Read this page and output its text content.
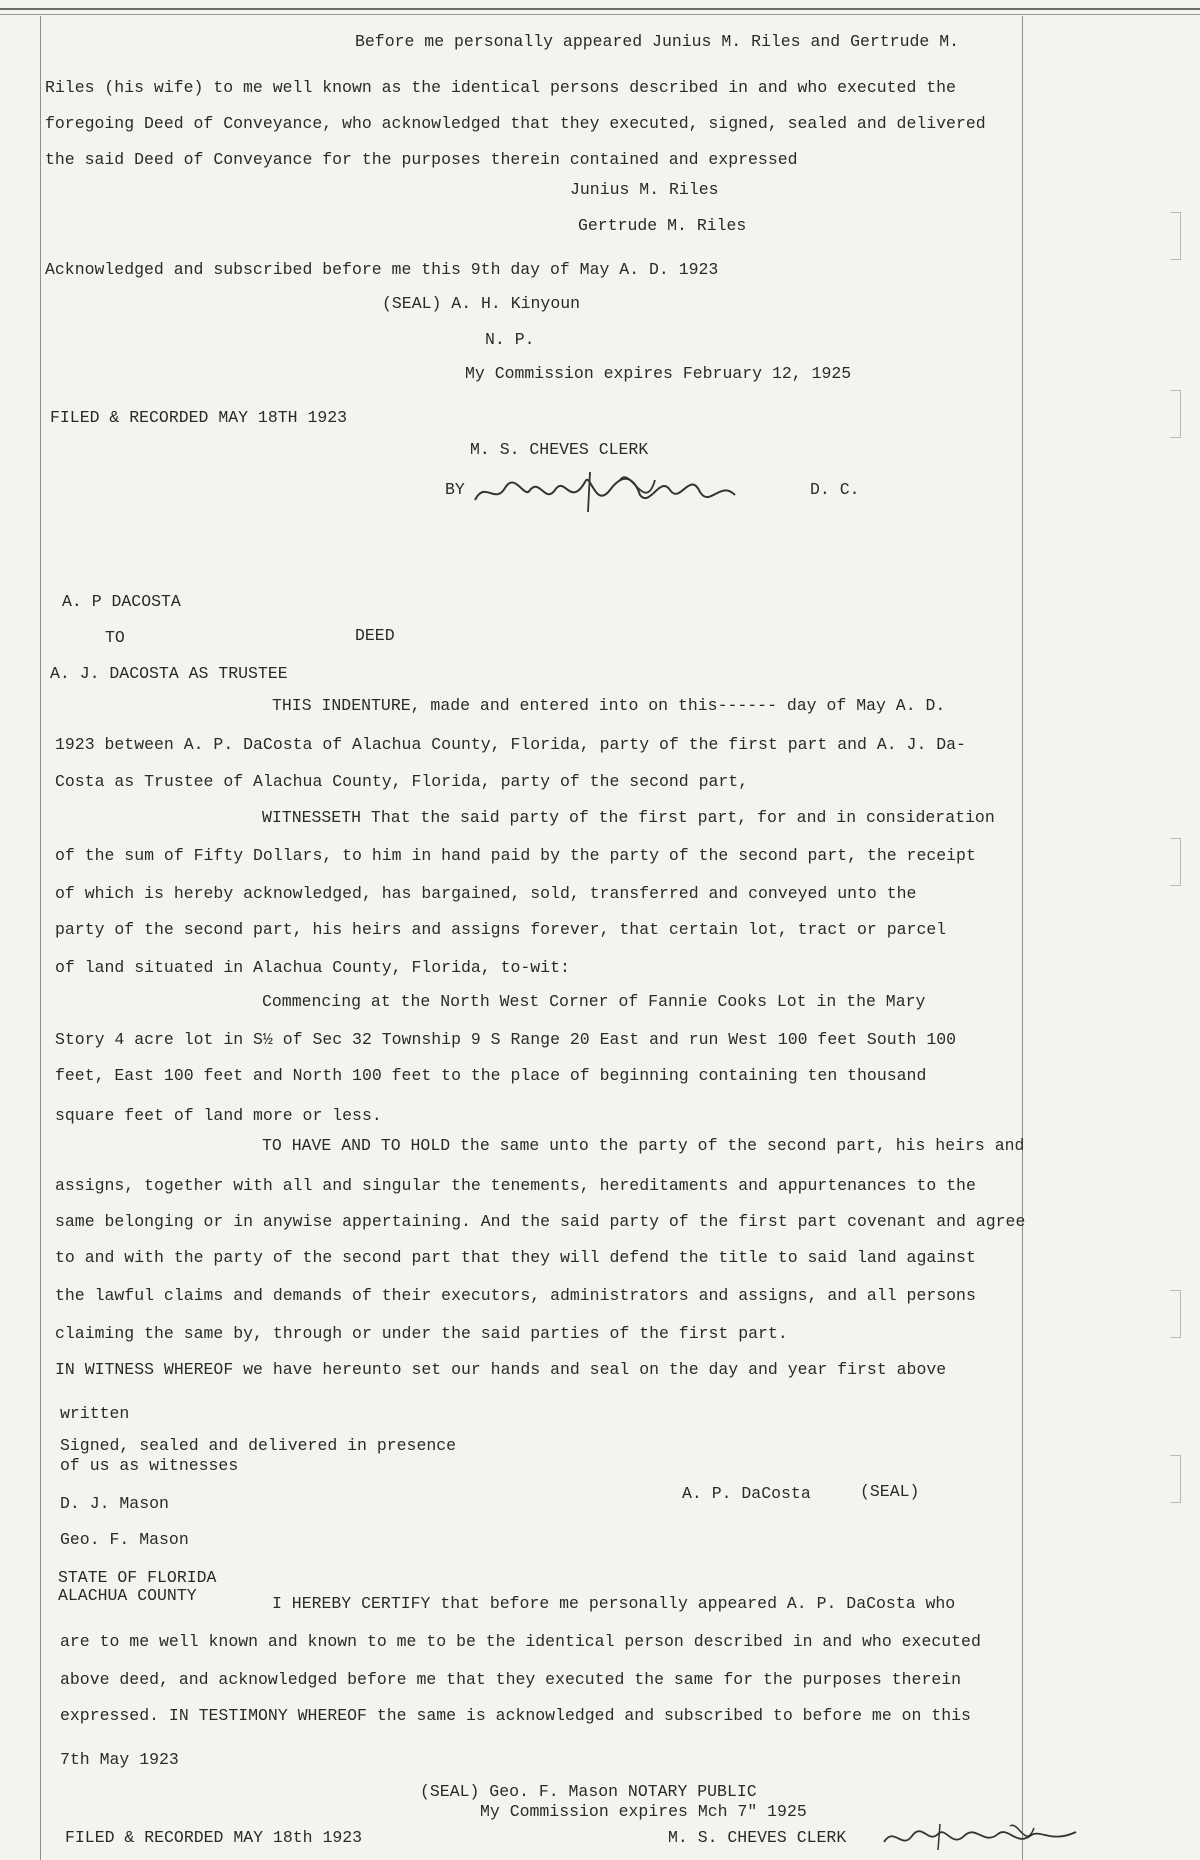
Before me personally appeared Junius M. Riles and Gertrude M.
Riles (his wife) to me well known as the identical persons described in and who executed the
foregoing Deed of Conveyance, who acknowledged that they executed, signed, sealed and delivered
the said Deed of Conveyance for the purposes therein contained and expressed
Junius M. Riles
Gertrude M. Riles
Acknowledged and subscribed before me this 9th day of May A. D. 1923
(SEAL) A. H. Kinyoun
N. P.
My Commission expires February 12, 1925
FILED & RECORDED MAY 18TH 1923
M. S. CHEVES CLERK
BY	D. C.
A. P DACOSTA
TO	DEED
A. J. DACOSTA AS TRUSTEE
THIS INDENTURE, made and entered into on this------ day of May A. D.
1923 between A. P. DaCosta of Alachua County, Florida, party of the first part and A. J. Da-
Costa as Trustee of Alachua County, Florida, party of the second part,
WITNESSETH That the said party of the first part, for and in consideration
of the sum of Fifty Dollars, to him in hand paid by the party of the second part, the receipt
of which is hereby acknowledged, has bargained, sold, transferred and conveyed unto the
party of the second part, his heirs and assigns forever, that certain lot, tract or parcel
of land situated in Alachua County, Florida, to-wit:
Commencing at the North West Corner of Fannie Cooks Lot in the Mary
Story 4 acre lot in S½ of Sec 32 Township 9 S Range 20 East and run West 100 feet South 100
feet, East 100 feet and North 100 feet to the place of beginning containing ten thousand
square feet of land more or less.
TO HAVE AND TO HOLD the same unto the party of the second part, his heirs and
assigns, together with all and singular the tenements, hereditaments and appurtenances to the
same belonging or in anywise appertaining. And the said party of the first part covenant and agree
to and with the party of the second part that they will defend the title to said land against
the lawful claims and demands of their executors, administrators and assigns, and all persons
claiming the same by, through or under the said parties of the first part.
IN WITNESS WHEREOF we have hereunto set our hands and seal on the day and year first above
written
Signed, sealed and delivered in presence
of us as witnesses
D. J. Mason
A. P. DaCosta	(SEAL)
Geo. F. Mason
STATE OF FLORIDA
ALACHUA COUNTY	I HEREBY CERTIFY that before me personally appeared A. P. DaCosta who
are to me well known and known to me to be the identical person described in and who executed
above deed, and acknowledged before me that they executed the same for the purposes therein
expressed. IN TESTIMONY WHEREOF the same is acknowledged and subscribed to before me on this
7th May 1923
(SEAL) Geo. F. Mason NOTARY PUBLIC
My Commission expires Mch 7" 1925
FILED & RECORDED MAY 18th 1923	M. S. CHEVES CLERK
